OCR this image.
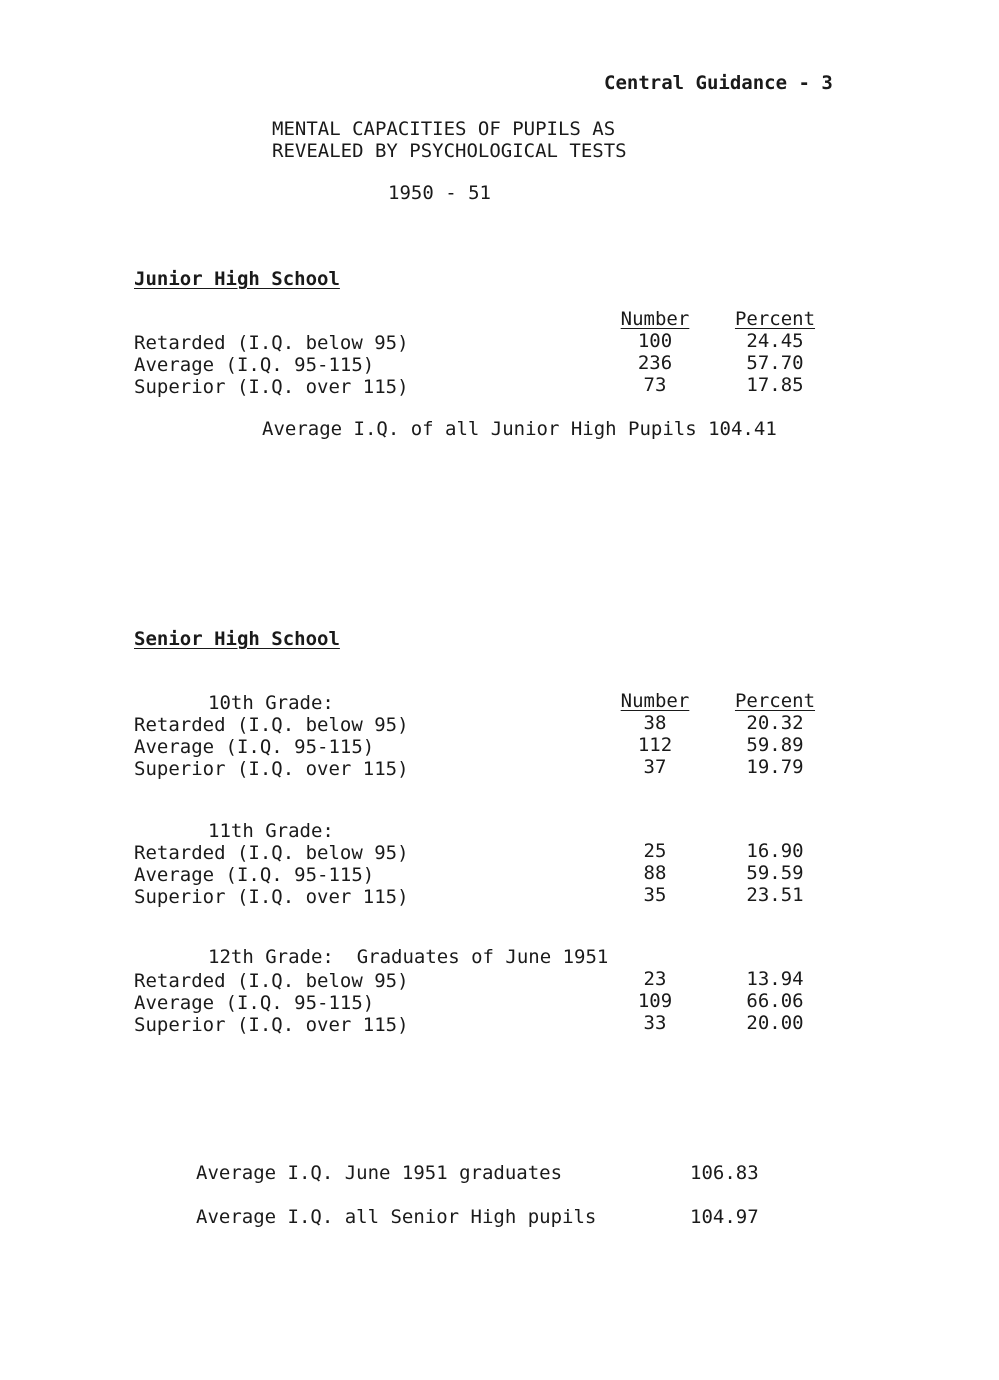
Central Guidance - 3
MENTAL CAPACITIES OF PUPILS AS
REVEALED BY PSYCHOLOGICAL TESTS
1950 - 51
Junior High School
Number	Percent
Retarded (I.Q. below 95)	100	24.45
Average (I.Q. 95-115)	236	57.70
Superior (I.Q. over 115)	73	17.85
Average I.Q. of all Junior High Pupils 104.41
Senior High School
10th Grade:	Number	Percent
Retarded (I.Q. below 95)	38	20.32
Average (I.Q. 95-115)	112	59.89
Superior (I.Q. over 115)	37	19.79
11th Grade:
Retarded (I.Q. below 95)	25	16.90
Average (I.Q. 95-115)	88	59.59
Superior (I.Q. over 115)	35	23.51
12th Grade:  Graduates of June 1951
Retarded (I.Q. below 95)	23	13.94
Average (I.Q. 95-115)	109	66.06
Superior (I.Q. over 115)	33	20.00
Average I.Q. June 1951 graduates	106.83
Average I.Q. all Senior High pupils	104.97
